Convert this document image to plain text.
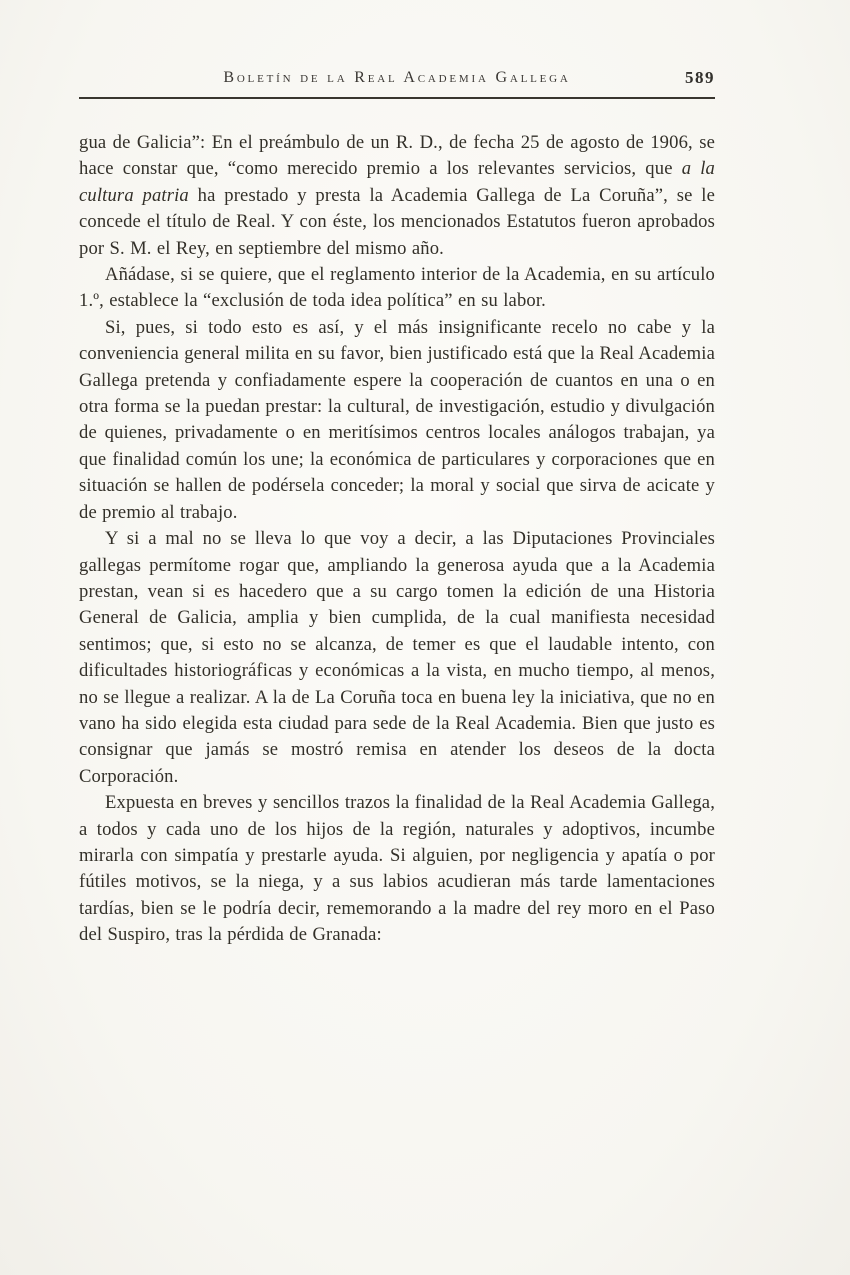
Boletín de la Real Academia Gallega	589

gua de Galicia”: En el preámbulo de un R. D., de fecha 25 de agosto de 1906, se hace constar que, “como merecido premio a los relevantes servicios, que a la cultura patria ha prestado y presta la Academia Gallega de La Coruña”, se le concede el título de Real. Y con éste, los mencionados Estatutos fueron aprobados por S. M. el Rey, en septiembre del mismo año.

Añádase, si se quiere, que el reglamento interior de la Academia, en su artículo 1.º, establece la “exclusión de toda idea política” en su labor.

Si, pues, si todo esto es así, y el más insignificante recelo no cabe y la conveniencia general milita en su favor, bien justificado está que la Real Academia Gallega pretenda y confiadamente espere la cooperación de cuantos en una o en otra forma se la puedan prestar: la cultural, de investigación, estudio y divulgación de quienes, privadamente o en meritísimos centros locales análogos trabajan, ya que finalidad común los une; la económica de particulares y corporaciones que en situación se hallen de podérsela conceder; la moral y social que sirva de acicate y de premio al trabajo.

Y si a mal no se lleva lo que voy a decir, a las Diputaciones Provinciales gallegas permítome rogar que, ampliando la generosa ayuda que a la Academia prestan, vean si es hacedero que a su cargo tomen la edición de una Historia General de Galicia, amplia y bien cumplida, de la cual manifiesta necesidad sentimos; que, si esto no se alcanza, de temer es que el laudable intento, con dificultades historiográficas y económicas a la vista, en mucho tiempo, al menos, no se llegue a realizar. A la de La Coruña toca en buena ley la iniciativa, que no en vano ha sido elegida esta ciudad para sede de la Real Academia. Bien que justo es consignar que jamás se mostró remisa en atender los deseos de la docta Corporación.

Expuesta en breves y sencillos trazos la finalidad de la Real Academia Gallega, a todos y cada uno de los hijos de la región, naturales y adoptivos, incumbe mirarla con simpatía y prestarle ayuda. Si alguien, por negligencia y apatía o por fútiles motivos, se la niega, y a sus labios acudieran más tarde lamentaciones tardías, bien se le podría decir, rememorando a la madre del rey moro en el Paso del Suspiro, tras la pérdida de Granada:
